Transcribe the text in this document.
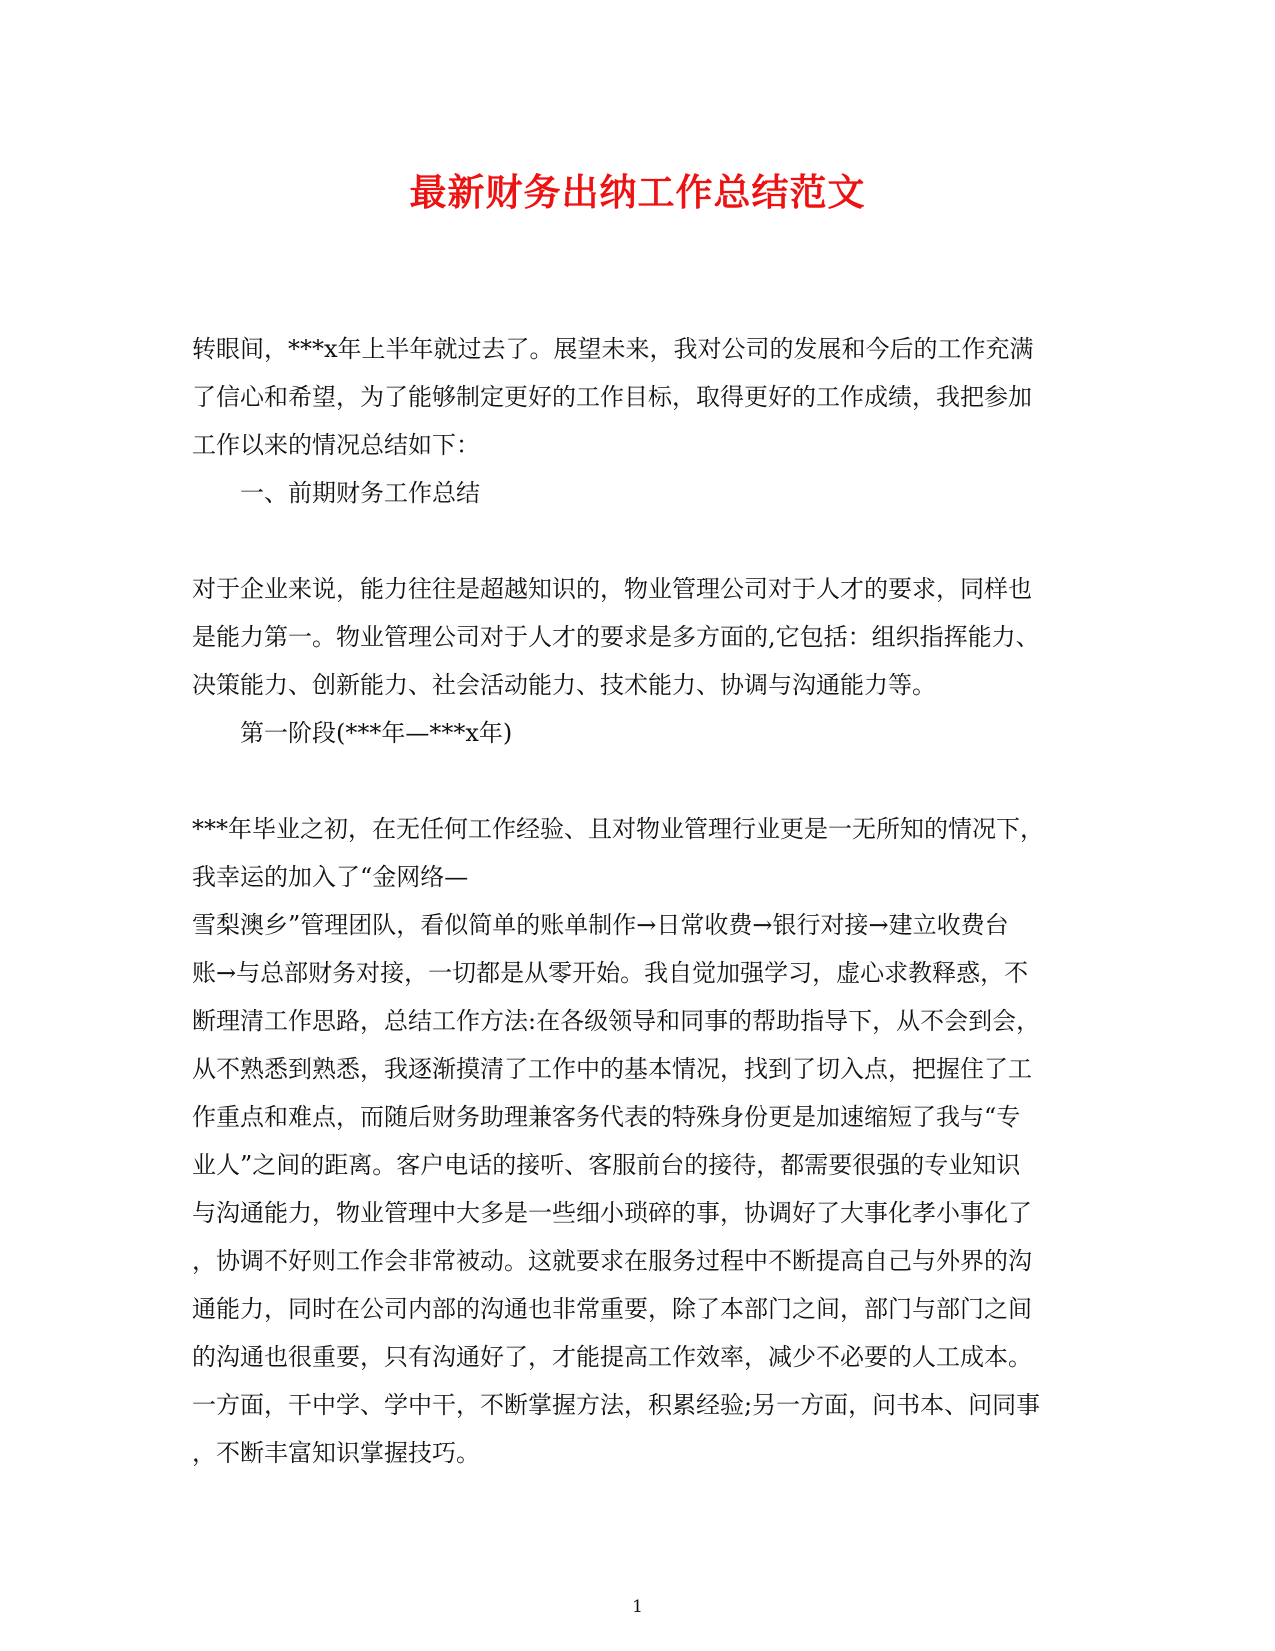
最新财务出纳工作总结范文

转眼间，***x年上半年就过去了。展望未来，我对公司的发展和今后的工作充满

了信心和希望，为了能够制定更好的工作目标，取得更好的工作成绩，我把参加

工作以来的情况总结如下：

一、前期财务工作总结

对于企业来说，能力往往是超越知识的，物业管理公司对于人才的要求，同样也

是能力第一。物业管理公司对于人才的要求是多方面的,它包括：组织指挥能力、

决策能力、创新能力、社会活动能力、技术能力、协调与沟通能力等。

第一阶段(***年—***x年)

***年毕业之初，在无任何工作经验、且对物业管理行业更是一无所知的情况下，

我幸运的加入了“金网络—

雪梨澳乡”管理团队，看似简单的账单制作→日常收费→银行对接→建立收费台

账→与总部财务对接，一切都是从零开始。我自觉加强学习，虚心求教释惑，不

断理清工作思路，总结工作方法:在各级领导和同事的帮助指导下，从不会到会，

从不熟悉到熟悉，我逐渐摸清了工作中的基本情况，找到了切入点，把握住了工

作重点和难点，而随后财务助理兼客务代表的特殊身份更是加速缩短了我与“专

业人”之间的距离。客户电话的接听、客服前台的接待，都需要很强的专业知识

与沟通能力，物业管理中大多是一些细小琐碎的事，协调好了大事化孝小事化了

，协调不好则工作会非常被动。这就要求在服务过程中不断提高自己与外界的沟

通能力，同时在公司内部的沟通也非常重要，除了本部门之间，部门与部门之间

的沟通也很重要，只有沟通好了，才能提高工作效率，减少不必要的人工成本。

一方面，干中学、学中干，不断掌握方法，积累经验;另一方面，问书本、问同事

，不断丰富知识掌握技巧。

1
